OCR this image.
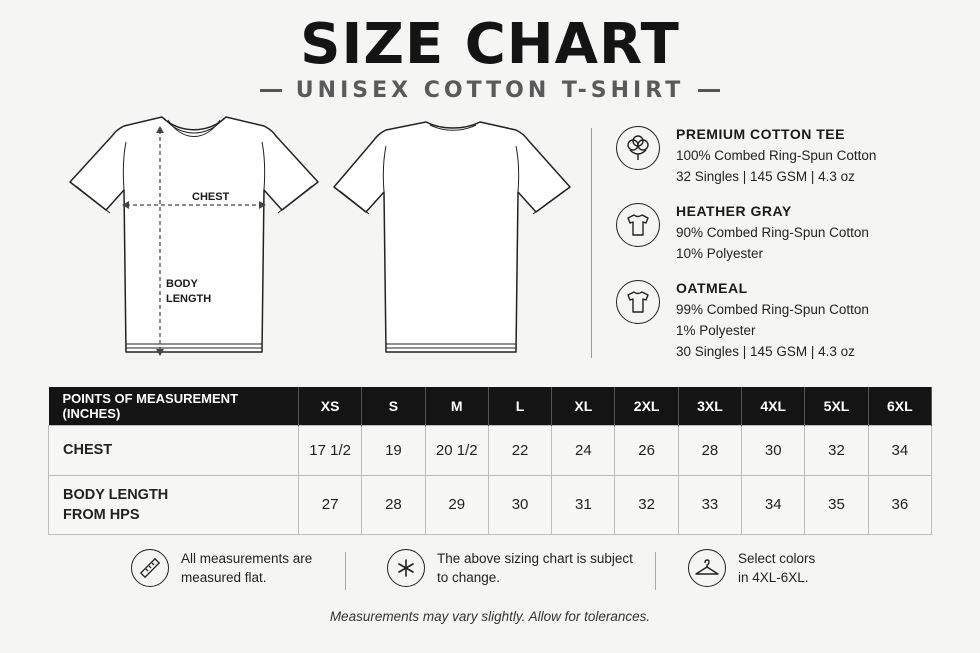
SIZE CHART
UNISEX COTTON T-SHIRT
CHEST
BODY
LENGTH
PREMIUM COTTON TEE
100% Combed Ring-Spun Cotton
32 Singles | 145 GSM | 4.3 oz
HEATHER GRAY
90% Combed Ring-Spun Cotton
10% Polyester
OATMEAL
99% Combed Ring-Spun Cotton
1% Polyester
30 Singles | 145 GSM | 4.3 oz
POINTS OF MEASUREMENT (INCHES)	XS	S	M	L	XL	2XL	3XL	4XL	5XL	6XL
CHEST	17 1/2	19	20 1/2	22	24	26	28	30	32	34

BODY LENGTH
FROM HPS	27	28	29	30	31	32	33	34	35	36
All measurements are
measured flat.
The above sizing chart is subject
to change.
Select colors
in 4XL-6XL.
Measurements may vary slightly. Allow for tolerances.
